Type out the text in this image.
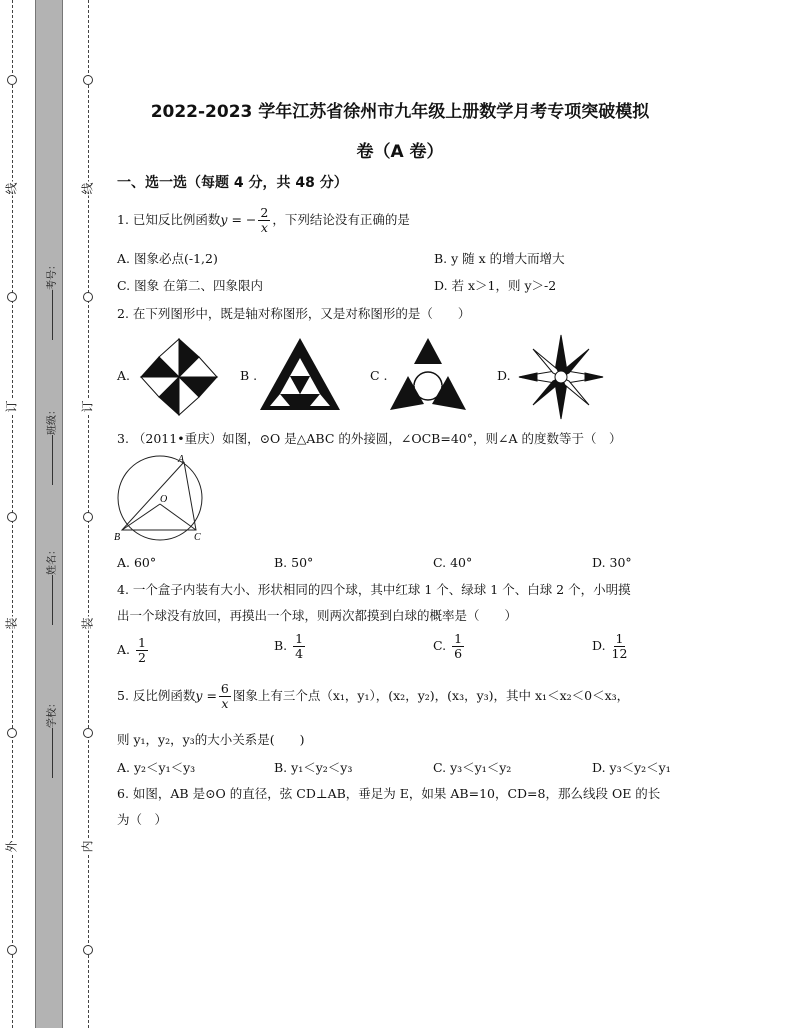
线
订
装
外
线
订
装
内
考号：
班级：
姓名：
学校：
2022-2023 学年江苏省徐州市九年级上册数学月考专项突破模拟
卷（A 卷）
一、选一选（每题 4 分，共 48 分）
1. 已知反比例函数y = − $\frac{2}{x}$ ，下列结论没有正确的是
A. 图象必点(-1,2)	B. y 随 x 的增大而增大
C. 图象 在第二、四象限内	D. 若 x＞1，则 y＞-2
2. 在下列图形中，既是轴对称图形，又是对称图形的是（　　）
A.	B .	C .	D.
3. （2011•重庆）如图，⊙O 是△ABC 的外接圆，∠OCB=40°，则∠A 的度数等于（　）
A
O
B	C
A. 60°	B. 50°	C. 40°	D. 30°
4. 一个盒子内装有大小、形状相同的四个球，其中红球 1 个、绿球 1 个、白球 2 个，小明摸
出一个球没有放回，再摸出一个球，则两次都摸到白球的概率是（　　）
A. $\frac{1}{2}$	B. $\frac{1}{4}$	C. $\frac{1}{6}$	D. $\frac{1}{12}$
5. 反比例函数$y = \frac{6}{x}$ 图象上有三个点（x₁，y₁），(x₂，y₂)，(x₃，y₃)，其中 x₁＜x₂＜0＜x₃，
则 y₁，y₂，y₃的大小关系是(　　)
A. y₂＜y₁＜y₃	B. y₁＜y₂＜y₃	C. y₃＜y₁＜y₂	D. y₃＜y₂＜y₁
6. 如图，AB 是⊙O 的直径，弦 CD⊥AB，垂足为 E，如果 AB=10，CD=8，那么线段 OE 的长
为（　）
